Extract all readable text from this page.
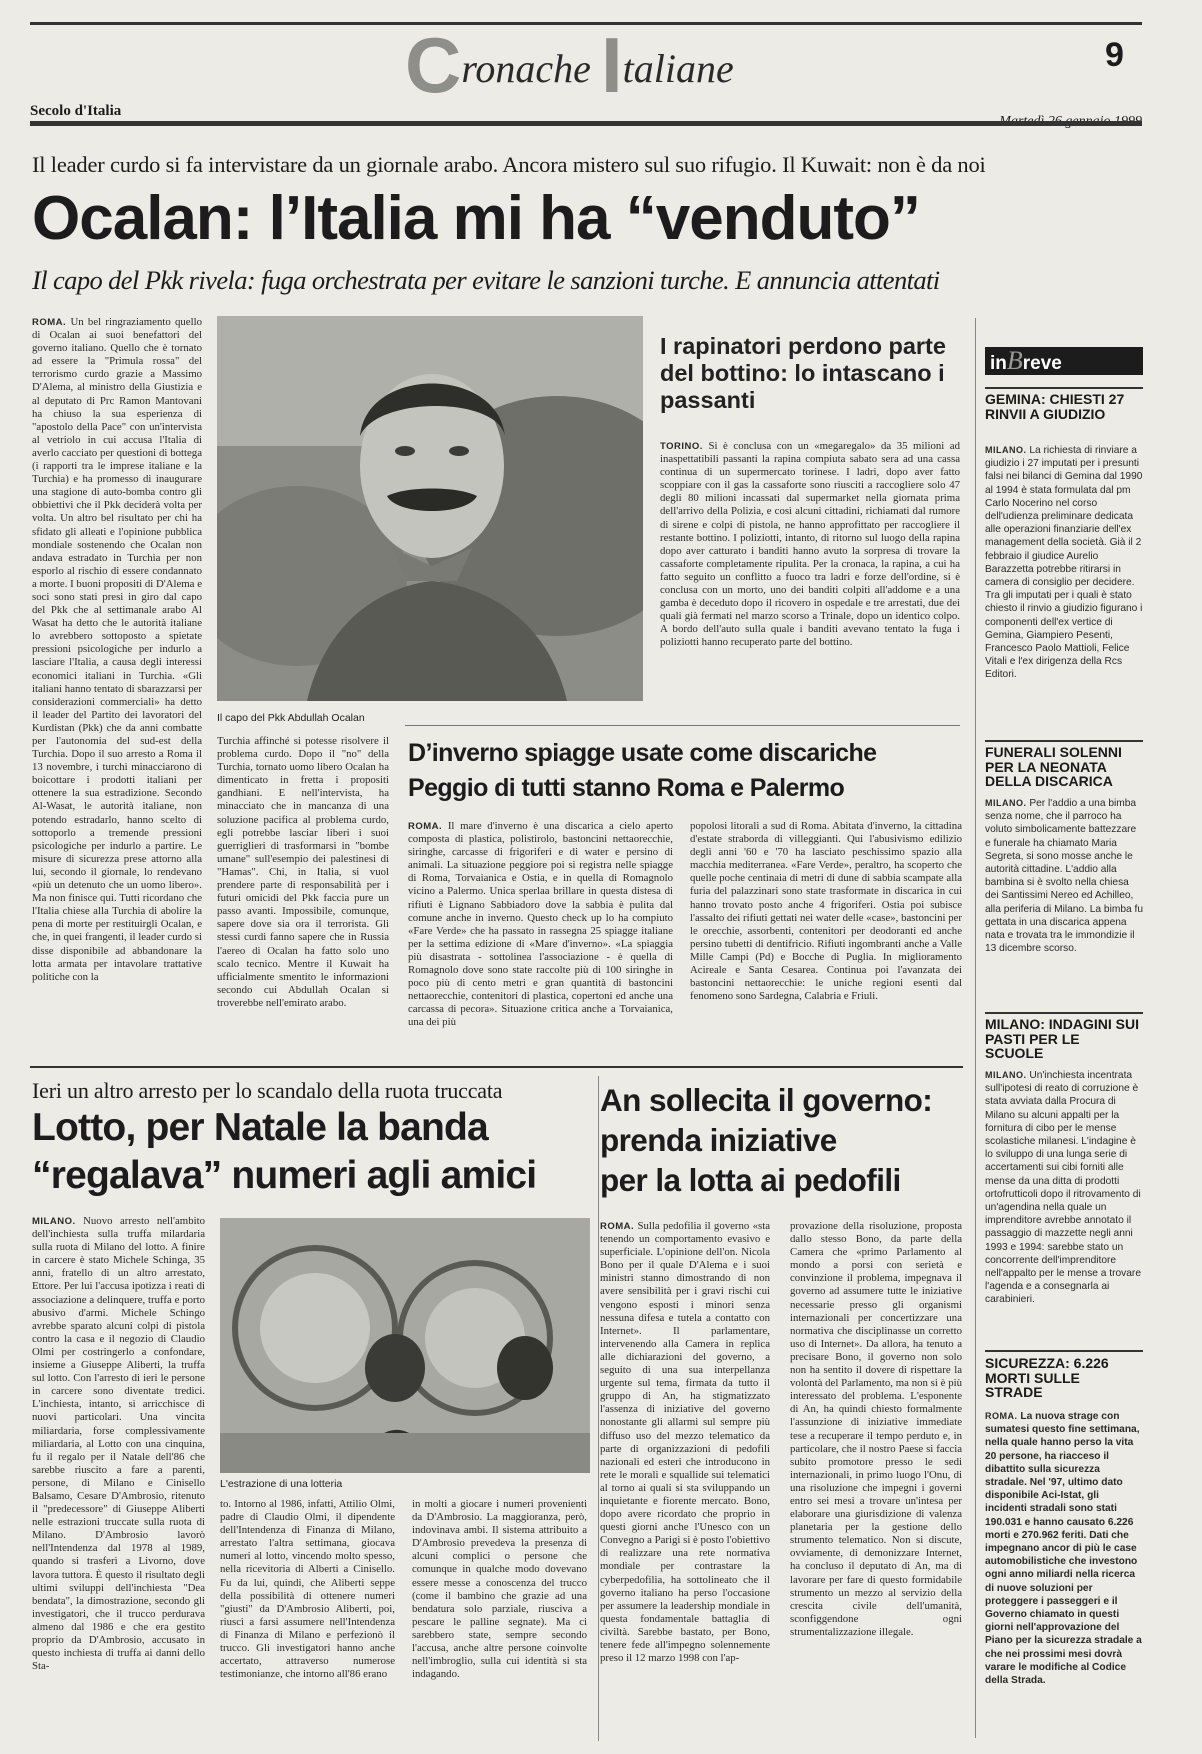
Cronache Italiane	9
Secolo d'Italia
Il leader curdo si fa intervistare da un giornale arabo. Ancora mistero sul suo rifugio. Il Kuwait: non è da noi
Ocalan: l’Italia mi ha “venduto”
Il capo del Pkk rivela: fuga orchestrata per evitare le sanzioni turche. E annuncia attentati
ROMA. Un bel ringraziamento quello di Ocalan ai suoi benefattori del governo italiano. Quello che è tornato ad essere la "Primula rossa" del terrorismo curdo grazie a Massimo D'Alema, al ministro della Giustizia e al deputato di Prc Ramon Mantovani ha chiuso la sua esperienza di "apostolo della Pace" con un'intervista al vetriolo in cui accusa l'Italia di averlo cacciato per questioni di bottega (i rapporti tra le imprese italiane e la Turchia) e ha promesso di inaugurare una stagione di auto-bomba contro gli obbiettivi che il Pkk deciderà volta per volta. Un altro bel risultato per chi ha sfidato gli alleati e l'opinione pubblica mondiale sostenendo che Ocalan non andava estradato in Turchia per non esporlo al rischio di essere condannato a morte. I buoni propositi di D'Alema e soci sono stati presi in giro dal capo del Pkk che al settimanale arabo Al Wasat ha detto che le autorità italiane lo avrebbero sottoposto a spietate pressioni psicologiche per indurlo a lasciare l'Italia, a causa degli interessi economici italiani in Turchia. «Gli italiani hanno tentato di sbarazzarsi per considerazioni commerciali» ha detto il leader del Partito dei lavoratori del Kurdistan (Pkk) che da anni combatte per l'autonomia del sud-est della Turchia. Dopo il suo arresto a Roma il 13 novembre, i turchi minacciarono di boicottare i prodotti italiani per ottenere la sua estradizione. Secondo Al-Wasat, le autorità italiane, non potendo estradarlo, hanno scelto di sottoporlo a tremende pressioni psicologiche per indurlo a partire. Le misure di sicurezza prese attorno alla lui, secondo il giornale, lo rendevano «più un detenuto che un uomo libero». Ma non finisce qui. Tutti ricordano che l'Italia chiese alla Turchia di abolire la pena di morte per restituirgli Ocalan, e che, in quei frangenti, il leader curdo si disse disponibile ad abbandonare la lotta armata per intavolare trattative politiche con la
Il capo del Pkk Abdullah Ocalan
Turchia affinché si potesse risolvere il problema curdo. Dopo il "no" della Turchia, tornato uomo libero Ocalan ha dimenticato in fretta i propositi gandhiani. E nell'intervista, ha minacciato che in mancanza di una soluzione pacifica al problema curdo, egli potrebbe lasciar liberi i suoi guerriglieri di trasformarsi in "bombe umane" sull'esempio dei palestinesi di "Hamas". Chi, in Italia, si vuol prendere parte di responsabilità per i futuri omicidi del Pkk faccia pure un passo avanti. Impossibile, comunque, sapere dove sia ora il terrorista. Gli stessi curdi fanno sapere che in Russia l'aereo di Ocalan ha fatto solo uno scalo tecnico. Mentre il Kuwait ha ufficialmente smentito le informazioni secondo cui Abdullah Ocalan si troverebbe nell'emirato arabo.
I rapinatori perdono parte del bottino: lo intascano i passanti
TORINO. Si è conclusa con un «megaregalo» da 35 milioni ad inaspettatibili passanti la rapina compiuta sabato sera ad una cassa continua di un supermercato torinese. I ladri, dopo aver fatto scoppiare con il gas la cassaforte sono riusciti a raccogliere solo 47 degli 80 milioni incassati dal supermarket nella giornata prima dell'arrivo della Polizia, e così alcuni cittadini, richiamati dal rumore di sirene e colpi di pistola, ne hanno approfittato per raccogliere il restante bottino. I poliziotti, intanto, di ritorno sul luogo della rapina dopo aver catturato i banditi hanno avuto la sorpresa di trovare la cassaforte completamente ripulita. Per la cronaca, la rapina, a cui ha fatto seguito un conflitto a fuoco tra ladri e forze dell'ordine, si è conclusa con un morto, uno dei banditi colpiti all'addome e a una gamba è deceduto dopo il ricovero in ospedale e tre arrestati, due dei quali già fermati nel marzo scorso a Trinale, dopo un identico colpo. A bordo dell'auto sulla quale i banditi avevano tentato la fuga i poliziotti hanno recuperato parte del bottino.
D’inverno spiagge usate come discariche
Peggio di tutti stanno Roma e Palermo
ROMA. Il mare d'inverno è una discarica a cielo aperto composta di plastica, polistirolo, bastoncini nettaorecchie, siringhe, carcasse di frigoriferi e di water e persino di animali. La situazione peggiore poi si registra nelle spiagge di Roma, Torvaianica e Ostia, e in quella di Romagnolo vicino a Palermo. Unica sperlaa brillare in questa distesa di rifiuti è Lignano Sabbiadoro dove la sabbia è pulita dal comune anche in inverno. Questo check up lo ha compiuto «Fare Verde» che ha passato in rassegna 25 spiagge italiane per la settima edizione di «Mare d'inverno». «La spiaggia più disastrata - sottolinea l'associazione - è quella di Romagnolo dove sono state raccolte più di 100 siringhe in poco più di cento metri e gran quantità di bastoncini nettaorecchie, contenitori di plastica, copertoni ed anche una carcassa di pecora». Situazione critica anche a Torvaianica, una dei più
popolosi litorali a sud di Roma. Abitata d'inverno, la cittadina d'estate straborda di villeggianti. Qui l'abusivismo edilizio degli anni '60 e '70 ha lasciato peschissimo spazio alla macchia mediterranea. «Fare Verde», peraltro, ha scoperto che quelle poche centinaia di metri di dune di sabbia scampate alla furia del palazzinari sono state trasformate in discarica in cui hanno trovato posto anche 4 frigoriferi. Ostia poi subisce l'assalto dei rifiuti gettati nei water delle «case», bastoncini per le orecchie, assorbenti, contenitori per deodoranti ed anche persino tubetti di dentifricio. Rifiuti ingombranti anche a Valle Mille Campi (Pd) e Bocche di Puglia. In miglioramento Acireale e Santa Cesarea. Continua poi l'avanzata dei bastoncini nettaorecchie: le uniche regioni esenti dal fenomeno sono Sardegna, Calabria e Friuli.
inBreve
GEMINA: CHIESTI 27 RINVII A GIUDIZIO
MILANO. La richiesta di rinviare a giudizio i 27 imputati per i presunti falsi nei bilanci di Gemina dal 1990 al 1994 è stata formulata dal pm Carlo Nocerino nel corso dell'udienza preliminare dedicata alle operazioni finanziarie dell'ex management della società. Già il 2 febbraio il giudice Aurelio Barazzetta potrebbe ritirarsi in camera di consiglio per decidere. Tra gli imputati per i quali è stato chiesto il rinvio a giudizio figurano i componenti dell'ex vertice di Gemina, Giampiero Pesenti, Francesco Paolo Mattioli, Felice Vitali e l'ex dirigenza della Rcs Editori.
FUNERALI SOLENNI PER LA NEONATA DELLA DISCARICA
MILANO. Per l'addio a una bimba senza nome, che il parroco ha voluto simbolicamente battezzare e funerale ha chiamato Maria Segreta, si sono mosse anche le autorità cittadine. L'addio alla bambina si è svolto nella chiesa dei Santissimi Nereo ed Achilleo, alla periferia di Milano. La bimba fu gettata in una discarica appena nata e trovata tra le immondizie il 13 dicembre scorso.
MILANO: INDAGINI SUI PASTI PER LE SCUOLE
MILANO. Un'inchiesta incentrata sull'ipotesi di reato di corruzione è stata avviata dalla Procura di Milano su alcuni appalti per la fornitura di cibo per le mense scolastiche milanesi. L'indagine è lo sviluppo di una lunga serie di accertamenti sui cibi forniti alle mense da una ditta di prodotti ortofrutticoli dopo il ritrovamento di un'agendina nella quale un imprenditore avrebbe annotato il passaggio di mazzette negli anni 1993 e 1994: sarebbe stato un concorrente dell'imprenditore nell'appalto per le mense a trovare l'agenda e a consegnarla ai carabinieri.
SICUREZZA: 6.226 MORTI SULLE STRADE
ROMA. La nuova strage con sumatesi questo fine settimana, nella quale hanno perso la vita 20 persone, ha riacceso il dibattito sulla sicurezza stradale. Nel '97, ultimo dato disponibile Aci-Istat, gli incidenti stradali sono stati 190.031 e hanno causato 6.226 morti e 270.962 feriti. Dati che impegnano ancor di più le case automobilistiche che investono ogni anno miliardi nella ricerca di nuove soluzioni per proteggere i passeggeri e il Governo chiamato in questi giorni nell'approvazione del Piano per la sicurezza stradale a che nei prossimi mesi dovrà varare le modifiche al Codice della Strada.
Ieri un altro arresto per lo scandalo della ruota truccata
Lotto, per Natale la banda
“regalava” numeri agli amici
MILANO. Nuovo arresto nell'ambito dell'inchiesta sulla truffa milardaria sulla ruota di Milano del lotto. A finire in carcere è stato Michele Schinga, 35 anni, fratello di un altro arrestato, Ettore. Per lui l'accusa ipotizza i reati di associazione a delinquere, truffa e porto abusivo d'armi. Michele Schingo avrebbe sparato alcuni colpi di pistola contro la casa e il negozio di Claudio Olmi per costringerlo a confondare, insieme a Giuseppe Aliberti, la truffa sul lotto. Con l'arresto di ieri le persone in carcere sono diventate tredici. L'inchiesta, intanto, si arricchisce di nuovi particolari. Una vincita miliardaria, forse complessivamente miliardaria, al Lotto con una cinquina, fu il regalo per il Natale dell'86 che sarebbe riuscito a fare a parenti, persone, di Milano e Cinisello Balsamo, Cesare D'Ambrosio, ritenuto il "predecessore" di Giuseppe Aliberti nelle estrazioni truccate sulla ruota di Milano. D'Ambrosio lavorò nell'Intendenza dal 1978 al 1989, quando si trasferì a Livorno, dove lavora tuttora. È questo il risultato degli ultimi sviluppi dell'inchiesta "Dea bendata", la dimostrazione, secondo gli investigatori, che il trucco perdurava almeno dal 1986 e che era gestito proprio da D'Ambrosio, accusato in questo inchiesta di truffa ai danni dello Sta-
L'estrazione di una lotteria
to. Intorno al 1986, infatti, Attilio Olmi, padre di Claudio Olmi, il dipendente dell'Intendenza di Finanza di Milano, arrestato l'altra settimana, giocava numeri al lotto, vincendo molto spesso, nella ricevitoria di Alberti a Cinisello. Fu da lui, quindi, che Aliberti seppe della possibilità di ottenere numeri "giusti" da D'Ambrosio Aliberti, poi, riuscì a farsi assumere nell'Intendenza di Finanza di Milano e perfezionò il trucco. Gli investigatori hanno anche accertato, attraverso numerose testimonianze, che intorno all'86 erano
in molti a giocare i numeri provenienti da D'Ambrosio. La maggioranza, però, indovinava ambi. Il sistema attribuito a D'Ambrosio prevedeva la presenza di alcuni complici o persone che comunque in qualche modo dovevano essere messe a conoscenza del trucco (come il bambino che grazie ad una bendatura solo parziale, riusciva a pescare le palline segnate). Ma ci sarebbero state, sempre secondo l'accusa, anche altre persone coinvolte nell'imbroglio, sulla cui identità si sta indagando.
An sollecita il governo:
prenda iniziative
per la lotta ai pedofili
ROMA. Sulla pedofilia il governo «sta tenendo un comportamento evasivo e superficiale. L'opinione dell'on. Nicola Bono per il quale D'Alema e i suoi ministri stanno dimostrando di non avere sensibilità per i gravi rischi cui vengono esposti i minori senza nessuna difesa e tutela a contatto con Internet». Il parlamentare, intervenendo alla Camera in replica alle dichiarazioni del governo, a seguito di una sua interpellanza urgente sul tema, firmata da tutto il gruppo di An, ha stigmatizzato l'assenza di iniziative del governo nonostante gli allarmi sul sempre più diffuso uso del mezzo telematico da parte di organizzazioni di pedofili nazionali ed esteri che introducono in rete le morali e squallide sui telematici al torno ai quali si sta sviluppando un inquietante e fiorente mercato. Bono, dopo avere ricordato che proprio in questi giorni anche l'Unesco con un Convegno a Parigi si è posto l'obiettivo di realizzare una rete normativa mondiale per contrastare la cyberpedofilia, ha sottolineato che il governo italiano ha perso l'occasione per assumere la leadership mondiale in questa fondamentale battaglia di civiltà. Sarebbe bastato, per Bono, tenere fede all'impegno solennemente preso il 12 marzo 1998 con l'ap-
provazione della risoluzione, proposta dallo stesso Bono, da parte della Camera che «primo Parlamento al mondo a porsi con serietà e convinzione il problema, impegnava il governo ad assumere tutte le iniziative necessarie presso gli organismi internazionali per concertizzare una normativa che disciplinasse un corretto uso di Internet». Da allora, ha tenuto a precisare Bono, il governo non solo non ha sentito il dovere di rispettare la volontà del Parlamento, ma non si è più interessato del problema. L'esponente di An, ha quindi chiesto formalmente l'assunzione di iniziative immediate tese a recuperare il tempo perduto e, in particolare, che il nostro Paese si faccia subito promotore presso le sedi internazionali, in primo luogo l'Onu, di una risoluzione che impegni i governi entro sei mesi a trovare un'intesa per elaborare una giurisdizione di valenza planetaria per la gestione dello strumento telematico. Non si discute, ovviamente, di demonizzare Internet, ha concluso il deputato di An, ma di lavorare per fare di questo formidabile strumento un mezzo al servizio della crescita civile dell'umanità, sconfiggendone ogni strumentalizzazione illegale.
